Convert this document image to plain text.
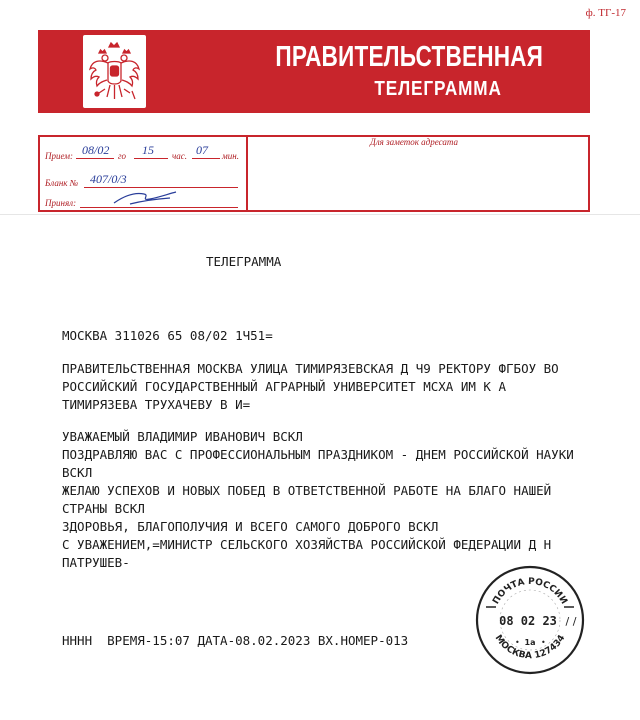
ф. ТГ-17
ПРАВИТЕЛЬСТВЕННАЯ
ТЕЛЕГРАММА
Прием: 08/02 го 15 час. 07 мин.
Бланк № 407/0/3
Принял:
Для заметок адресата
ТЕЛЕГРАММА
МОСКВА 311026 65 08/02 1Ч51=
ПРАВИТЕЛЬСТВЕННАЯ МОСКВА УЛИЦА ТИМИРЯЗЕВСКАЯ Д Ч9 РЕКТОРУ ФГБОУ ВО
РОССИЙСКИЙ ГОСУДАРСТВЕННЫЙ АГРАРНЫЙ УНИВЕРСИТЕТ МСХА ИМ К А
ТИМИРЯЗЕВА ТРУХАЧЕВУ В И=
УВАЖАЕМЫЙ ВЛАДИМИР ИВАНОВИЧ ВСКЛ
ПОЗДРАВЛЯЮ ВАС С ПРОФЕССИОНАЛЬНЫМ ПРАЗДНИКОМ - ДНЕМ РОССИЙСКОЙ НАУКИ
ВСКЛ
ЖЕЛАЮ УСПЕХОВ И НОВЫХ ПОБЕД В ОТВЕТСТВЕННОЙ РАБОТЕ НА БЛАГО НАШЕЙ
СТРАНЫ ВСКЛ
ЗДОРОВЬЯ, БЛАГОПОЛУЧИЯ И ВСЕГО САМОГО ДОБРОГО ВСКЛ
С УВАЖЕНИЕМ,=МИНИСТР СЕЛЬСКОГО ХОЗЯЙСТВА РОССИЙСКОЙ ФЕДЕРАЦИИ Д Н
ПАТРУШЕВ-
НННН  ВРЕМЯ-15:07 ДАТА-08.02.2023 ВХ.НОМЕР-013
ПОЧТА РОССИИ
08 02 23 / /
1а
•	•
МОСКВА 127434
